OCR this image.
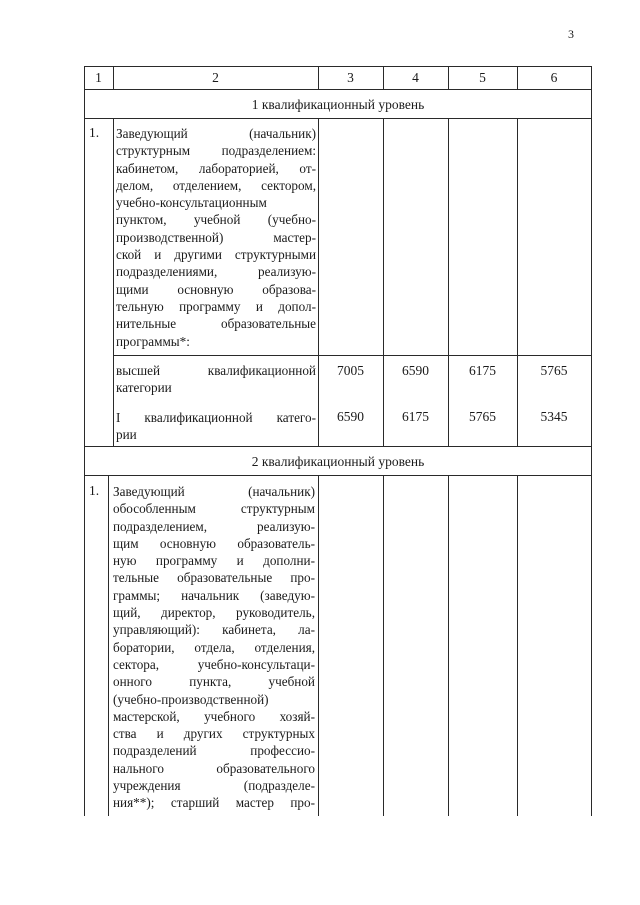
3
1	2	3	4	5	6
1 квалификационный уровень
1. Заведующий (начальник)
структурным подразделением:
кабинетом, лабораторией, от-
делом, отделением, сектором,
учебно-консультационным
пунктом, учебной (учебно-
производственной) мастер-
ской и другими структурными
подразделениями, реализую-
щими основную образова-
тельную программу и допол-
нительные образовательные
программы*:
высшей квалификационной
категории
7005	6590	6175	5765
I квалификационной катего-
рии
6590	6175	5765	5345
2 квалификационный уровень
1. Заведующий (начальник)
обособленным структурным
подразделением, реализую-
щим основную образователь-
ную программу и дополни-
тельные образовательные про-
граммы; начальник (заведую-
щий, директор, руководитель,
управляющий): кабинета, ла-
боратории, отдела, отделения,
сектора, учебно-консультаци-
онного пункта, учебной
(учебно-производственной)
мастерской, учебного хозяй-
ства и других структурных
подразделений профессио-
нального образовательного
учреждения (подразделе-
ния**); старший мастер про-
